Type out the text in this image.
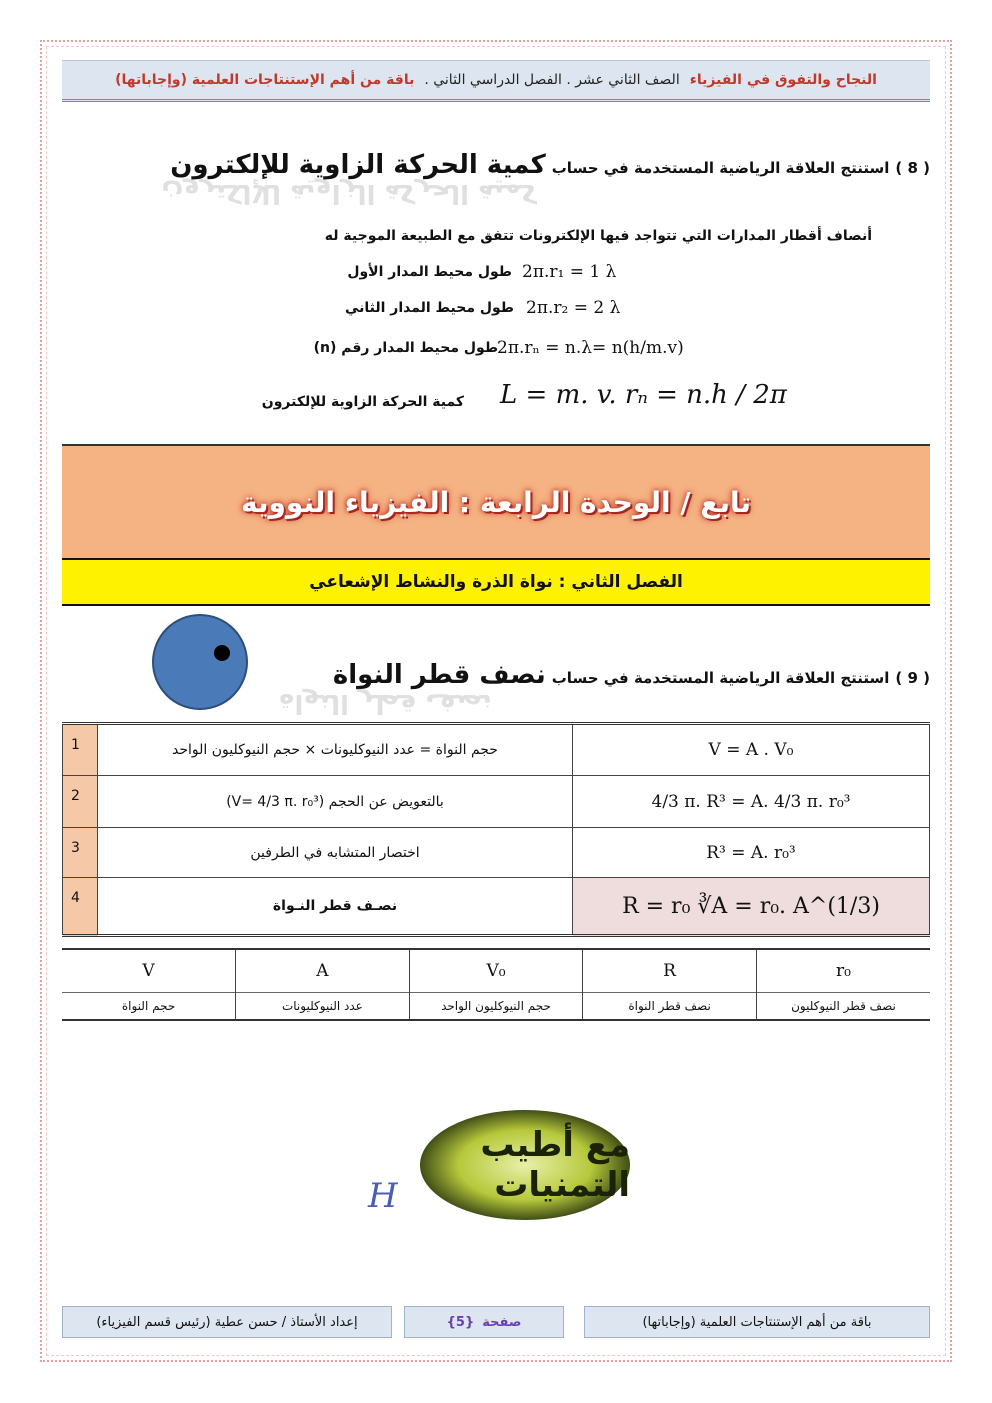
النجاح والتفوق في الفيزياء
الصف الثاني عشر . الفصل الدراسي الثاني .
باقة من أهم الإستنتاجات العلمية (وإجاباتها)
( 8 )
استنتج العلاقة الرياضية المستخدمة في حساب
كمية الحركة الزاوية للإلكترون
كمية الحركة الزاوية للإلكترون
أنصاف أقطار المدارات التي تتواجد فيها الإلكترونات تتفق مع الطبيعة الموجية له
طول محيط المدار الأول 2π.r₁ = 1 λ
طول محيط المدار الثاني 2π.r₂ = 2 λ
طول محيط المدار رقم (n) 2π.rₙ = n.λ= n(h/m.v)
كمية الحركة الزاوية للإلكترون L = m. v. rₙ = n.h / 2π
تابع / الوحدة الرابعة : الفيزياء النووية
الفصل الثاني : نواة الذرة والنشاط الإشعاعي
( 9 )
استنتج العلاقة الرياضية المستخدمة في حساب
نصف قطر النواة
نصف قطر النواة
1	حجم النواة = عدد النيوكليونات × حجم النيوكليون الواحد	V = A . V₀
2	بالتعويض عن الحجم (V= 4/3 π. r₀³)	4/3 π. R³ = A. 4/3 π. r₀³
3	اختصار المتشابه في الطرفين	R³ = A. r₀³
4	نصـف قطر النـواة	R = r₀ ∛A = r₀. A^(1/3)
V	A	V₀	R	r₀
حجم النواة	عدد النيوكليونات	حجم النيوكليون الواحد	نصف قطر النواة	نصف قطر النيوكليون
مع أطيب التمنيات
H
إعداد الأستاذ / حسن عطية (رئيس قسم الفيزياء)	صفحة
{5}	باقة من أهم الإستنتاجات العلمية (وإجاباتها)
